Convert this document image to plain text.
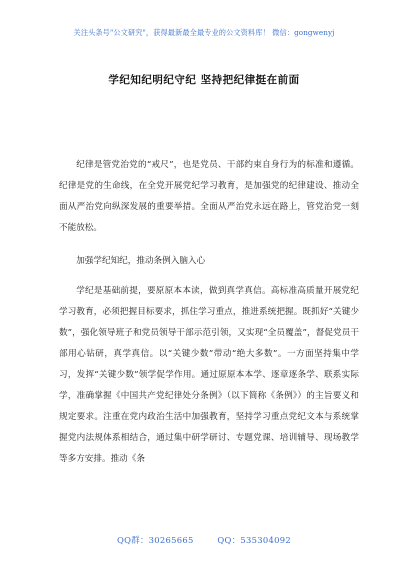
关注头条号"公文研究"，获得最新最全最专业的公文资料库！ 微信：gongwenyj
学纪知纪明纪守纪 坚持把纪律挺在前面

纪律是管党治党的“戒尺”，也是党员、干部约束自身行为的标准和遵循。纪律是党的生命线，在全党开展党纪学习教育，是加强党的纪律建设、推动全面从严治党向纵深发展的重要举措。全面从严治党永远在路上，管党治党一刻不能放松。

加强学纪知纪，推动条例入脑入心

学纪是基础前提，要原原本本读，做到真学真信。高标准高质量开展党纪学习教育，必须把握目标要求，抓住学习重点，推进系统把握。既抓好“关键少数”，强化领导班子和党员领导干部示范引领，又实现“全员覆盖”，督促党员干部用心钻研，真学真信。以“关键少数”带动“绝大多数”。一方面坚持集中学习，发挥“关键少数”领学促学作用。通过原原本本学、逐章逐条学、联系实际学，准确掌握《中国共产党纪律处分条例》（以下简称《条例》）的主旨要义和规定要求。注重在党内政治生活中加强教育，坚持学习重点党纪文本与系统掌握党内法规体系相结合，通过集中研学研讨、专题党课、培训辅导、现场教学等多方安排。推动《条

QQ群：30265665        QQ：535304092
